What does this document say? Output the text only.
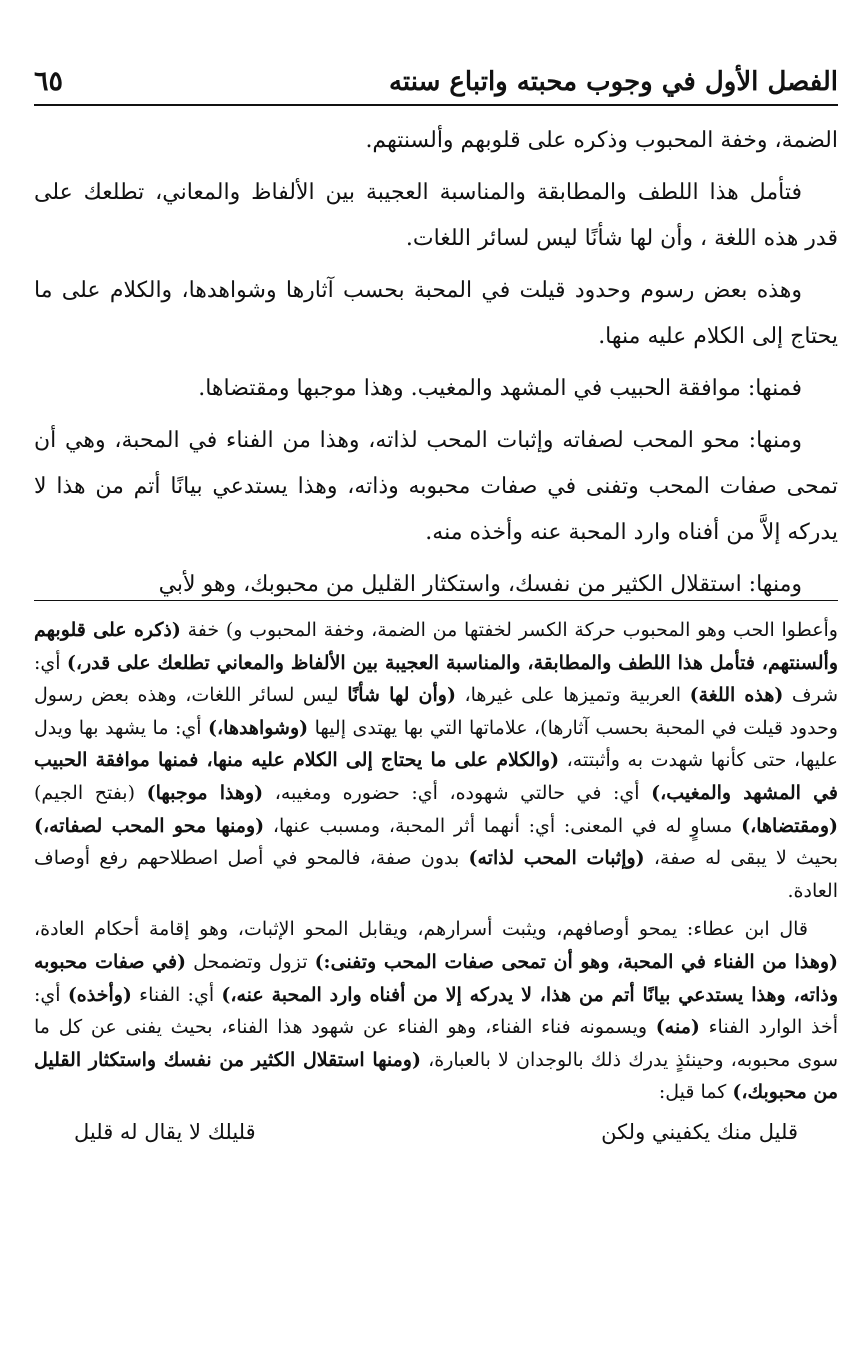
الفصل الأول في وجوب محبته واتباع سنته
٦٥

الضمة، وخفة المحبوب وذكره على قلوبهم وألسنتهم.

فتأمل هذا اللطف والمطابقة والمناسبة العجيبة بين الألفاظ والمعاني، تطلعك على قدر هذه اللغة ، وأن لها شأنًا ليس لسائر اللغات.

وهذه بعض رسوم وحدود قيلت في المحبة بحسب آثارها وشواهدها، والكلام على ما يحتاج إلى الكلام عليه منها.

فمنها: موافقة الحبيب في المشهد والمغيب. وهذا موجبها ومقتضاها.

ومنها: محو المحب لصفاته وإثبات المحب لذاته، وهذا من الفناء في المحبة، وهي أن تمحى صفات المحب وتفنى في صفات محبوبه وذاته، وهذا يستدعي بيانًا أتم من هذا لا يدركه إلاَّ من أفناه وارد المحبة عنه وأخذه منه.

ومنها: استقلال الكثير من نفسك، واستكثار القليل من محبوبك، وهو لأبي

وأعطوا الحب وهو المحبوب حركة الكسر لخفتها من الضمة، وخفة المحبوب و) خفة (ذكره على قلوبهم وألسنتهم، فتأمل هذا اللطف والمطابقة، والمناسبة العجيبة بين الألفاظ والمعاني تطلعك على قدر،) أي: شرف (هذه اللغة) العربية وتميزها على غيرها، (وأن لها شأنًا ليس لسائر اللغات، وهذه بعض رسول وحدود قيلت في المحبة بحسب آثارها)، علاماتها التي بها يهتدى إليها (وشواهدها،) أي: ما يشهد بها ويدل عليها، حتى كأنها شهدت به وأثبتته، (والكلام على ما يحتاج إلى الكلام عليه منها، فمنها موافقة الحبيب في المشهد والمغيب،) أي: في حالتي شهوده، أي: حضوره ومغيبه، (وهذا موجبها) (بفتح الجيم) (ومقتضاها،) مساوٍ له في المعنى: أي: أنهما أثر المحبة، ومسبب عنها، (ومنها محو المحب لصفاته،) بحيث لا يبقى له صفة، (وإثبات المحب لذاته) بدون صفة، فالمحو في أصل اصطلاحهم رفع أوصاف العادة.

قال ابن عطاء: يمحو أوصافهم، ويثبت أسرارهم، ويقابل المحو الإثبات، وهو إقامة أحكام العادة، (وهذا من الفناء في المحبة، وهو أن تمحى صفات المحب وتفنى:) تزول وتضمحل (في صفات محبوبه وذاته، وهذا يستدعي بيانًا أتم من هذا، لا يدركه إلا من أفناه وارد المحبة عنه،) أي: الفناء (وأخذه) أي: أخذ الوارد الفناء (منه) ويسمونه فناء الفناء، وهو الفناء عن شهود هذا الفناء، بحيث يفنى عن كل ما سوى محبوبه، وحينئذٍ يدرك ذلك بالوجدان لا بالعبارة، (ومنها استقلال الكثير من نفسك واستكثار القليل من محبوبك،) كما قيل:

قليل منك يكفيني ولكن
قليلك لا يقال له قليل
